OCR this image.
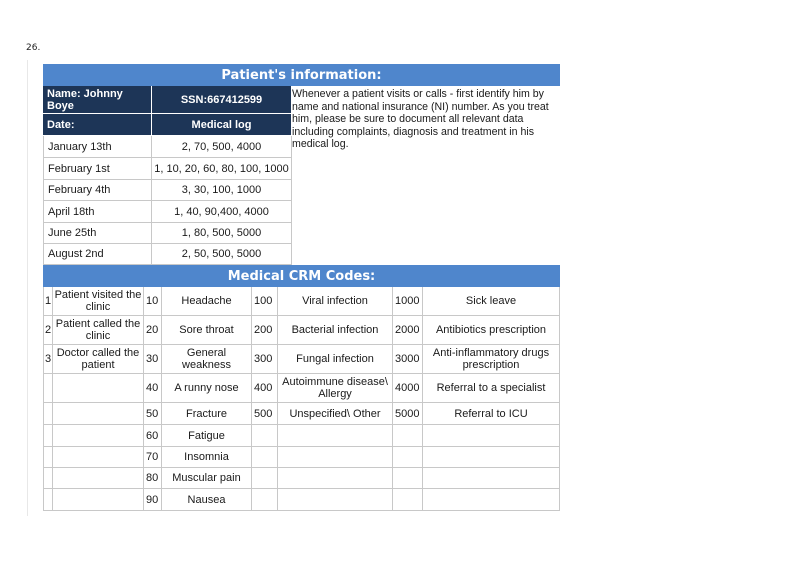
26.
Patient's information:
Name: Johnny Boye	SSN:667412599
Date:	Medical log
Whenever a patient visits or calls - first identify him by name and national insurance (NI) number. As you treat him, please be sure to document all relevant data including complaints, diagnosis and treatment in his medical log.
January 13th	2, 70, 500, 4000
February 1st	1, 10, 20, 60, 80, 100, 1000
February 4th	3, 30, 100, 1000
April 18th	1, 40, 90,400, 4000
June 25th	1, 80, 500, 5000
August 2nd	2, 50, 500, 5000
Medical CRM Codes:
1 Patient visited the clinic	10	Headache	100	Viral infection	1000	Sick leave
2 Patient called the clinic	20	Sore throat	200	Bacterial infection	2000	Antibiotics prescription
3 Doctor called the patient	30	General weakness	300	Fungal infection	3000	Anti-inflammatory drugs prescription
40	A runny nose	400 Autoimmune disease\ Allergy	4000	Referral to a specialist
50	Fracture	500	Unspecified\ Other	5000	Referral to ICU
60	Fatigue
70	Insomnia
80	Muscular pain
90	Nausea
